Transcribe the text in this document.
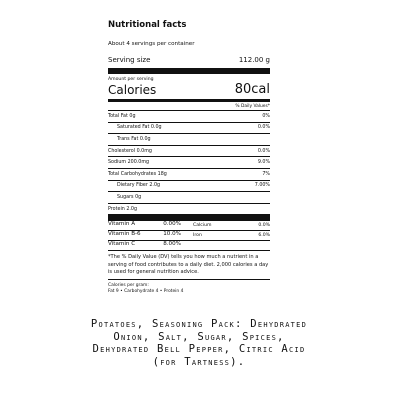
Nutritional facts
About 4 servings per container
Serving size	112.00 g
Amount per serving
Calories	80cal
% Daily Values*
Total Fat 0g	0%
Saturated Fat 0.0g	0.0%
Trans Fat 0.0g
Cholesterol 0.0mg	0.0%
Sodium 200.0mg	9.0%
Total Carbohydrates 18g	7%
Dietary Fiber 2.0g	7.00%
Sugars 0g
Protein 2.0g
Vitamin A	0.00%	Calcium	0.0%
Vitamin B-6	10.0%	Iron	6.0%
Vitamin C	8.00%
*The % Daily Value (DV) tells you how much a nutrient in a serving of food contributes to a daily diet. 2,000 calories a day is used for general nutrition advice.
Calories per gram:
Fat 9 • Carbohydrate 4 • Protein 4
Potatoes, Seasoning Pack: Dehydrated Onion, Salt, Sugar, Spices, Dehydrated Bell Pepper, Citric Acid (for Tartness).
